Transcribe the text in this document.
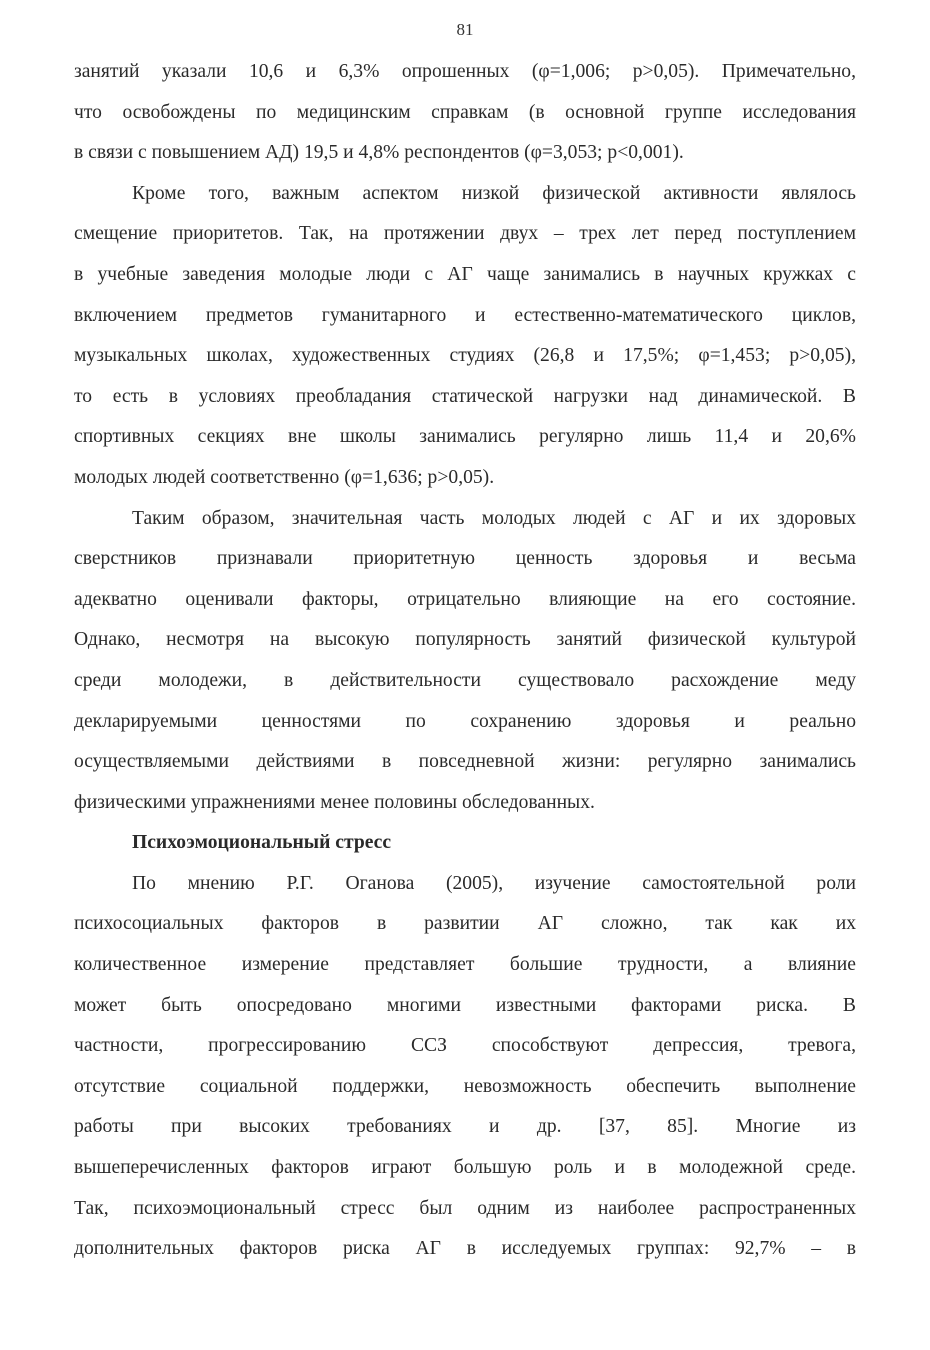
81
занятий указали 10,6 и 6,3% опрошенных (φ=1,006; р>0,05). Примечательно,
что освобождены по медицинским справкам (в основной группе исследования
в связи с повышением АД) 19,5 и 4,8% респондентов (φ=3,053; р<0,001).
Кроме того, важным аспектом низкой физической активности являлось
смещение приоритетов. Так, на протяжении двух – трех лет перед поступлением
в учебные заведения молодые люди с АГ чаще занимались в научных кружках с
включением предметов гуманитарного и естественно-математического циклов,
музыкальных школах, художественных студиях (26,8 и 17,5%; φ=1,453; р>0,05),
то есть в условиях преобладания статической нагрузки над динамической. В
спортивных секциях вне школы занимались регулярно лишь 11,4 и 20,6%
молодых людей соответственно (φ=1,636; р>0,05).
Таким образом, значительная часть молодых людей с АГ и их здоровых
сверстников признавали приоритетную ценность здоровья и весьма
адекватно оценивали факторы, отрицательно влияющие на его состояние.
Однако, несмотря на высокую популярность занятий физической культурой
среди молодежи, в действительности существовало расхождение меду
декларируемыми ценностями по сохранению здоровья и реально
осуществляемыми действиями в повседневной жизни: регулярно занимались
физическими упражнениями менее половины обследованных.
Психоэмоциональный стресс
По мнению Р.Г. Оганова (2005), изучение самостоятельной роли
психосоциальных факторов в развитии АГ сложно, так как их
количественное измерение представляет большие трудности, а влияние
может быть опосредовано многими известными факторами риска. В
частности, прогрессированию ССЗ способствуют депрессия, тревога,
отсутствие социальной поддержки, невозможность обеспечить выполнение
работы при высоких требованиях и др. [37, 85]. Многие из
вышеперечисленных факторов играют большую роль и в молодежной среде.
Так, психоэмоциональный стресс был одним из наиболее распространенных
дополнительных факторов риска АГ в исследуемых группах: 92,7% – в
